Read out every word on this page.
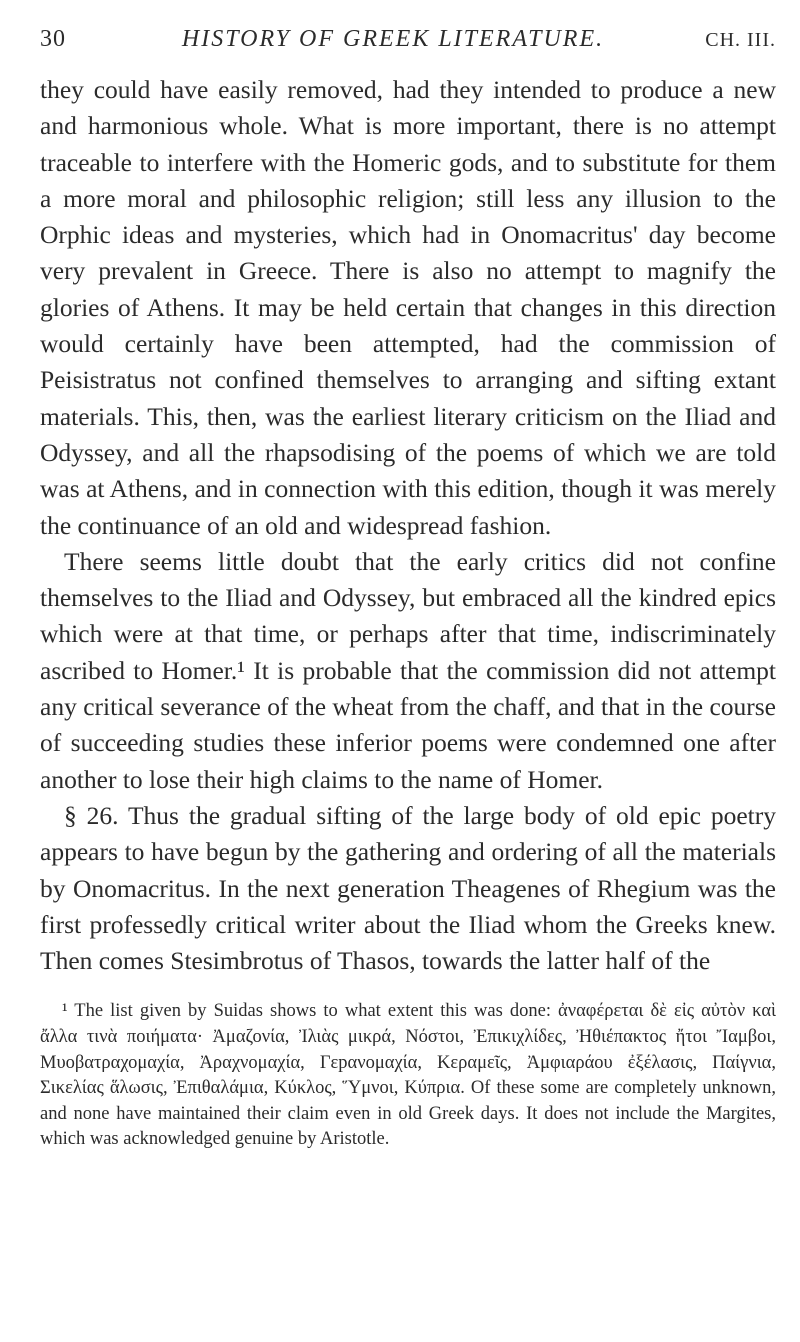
30	HISTORY OF GREEK LITERATURE.	CH. III.

they could have easily removed, had they intended to produce a new and harmonious whole. What is more important, there is no attempt traceable to interfere with the Homeric gods, and to substitute for them a more moral and philosophic religion; still less any illusion to the Orphic ideas and mysteries, which had in Onomacritus' day become very prevalent in Greece. There is also no attempt to magnify the glories of Athens. It may be held certain that changes in this direction would certainly have been attempted, had the commission of Peisistratus not confined themselves to arranging and sifting extant materials. This, then, was the earliest literary criticism on the Iliad and Odyssey, and all the rhapsodising of the poems of which we are told was at Athens, and in connection with this edition, though it was merely the continuance of an old and widespread fashion.

There seems little doubt that the early critics did not confine themselves to the Iliad and Odyssey, but embraced all the kindred epics which were at that time, or perhaps after that time, indiscriminately ascribed to Homer.¹ It is probable that the commission did not attempt any critical severance of the wheat from the chaff, and that in the course of succeeding studies these inferior poems were condemned one after another to lose their high claims to the name of Homer.

§ 26. Thus the gradual sifting of the large body of old epic poetry appears to have begun by the gathering and ordering of all the materials by Onomacritus. In the next generation Theagenes of Rhegium was the first professedly critical writer about the Iliad whom the Greeks knew. Then comes Stesimbrotus of Thasos, towards the latter half of the

¹ The list given by Suidas shows to what extent this was done: ἀναφέρεται δὲ εἰς αὐτὸν καὶ ἄλλα τινὰ ποιήματα· Ἀμαζονία, Ἰλιὰς μικρά, Νόστοι, Ἐπικιχλίδες, Ἠθιέπακτος ἤτοι Ἴαμβοι, Μυοβατραχομαχία, Ἀραχνομαχία, Γεpανομαχία, Κεραμεῖς, Ἀμφιαράου ἐξέλασις, Παίγνια, Σικελίας ἅλωσις, Ἐπιθαλάμια, Κύκλος, Ὕμνοι, Κύπρια. Of these some are completely unknown, and none have maintained their claim even in old Greek days. It does not include the Margites, which was acknowledged genuine by Aristotle.
